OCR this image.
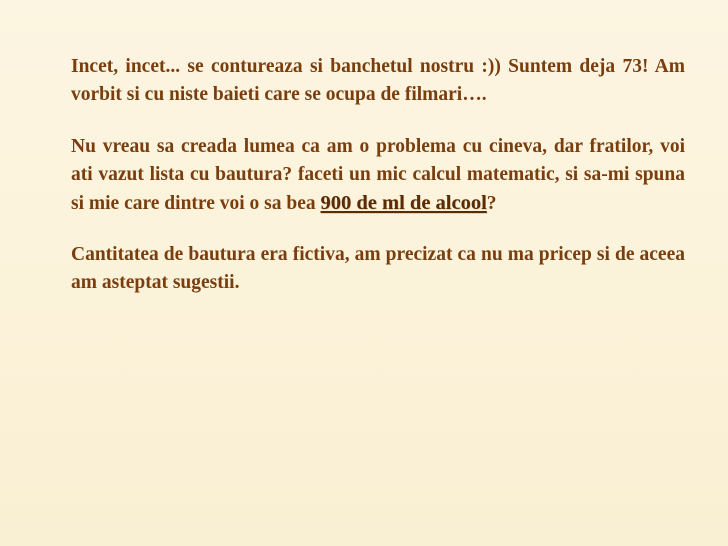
Incet, incet... se contureaza si banchetul nostru :)) Suntem deja 73! Am vorbit si cu niste baieti care se ocupa de filmari….

Nu vreau sa creada lumea ca am o problema cu cineva, dar fratilor, voi ati vazut lista cu bautura? faceti un mic calcul matematic, si sa-mi spuna si mie care dintre voi o sa bea 900 de ml de alcool?

Cantitatea de bautura era fictiva, am precizat ca nu ma pricep si de aceea am asteptat sugestii.
